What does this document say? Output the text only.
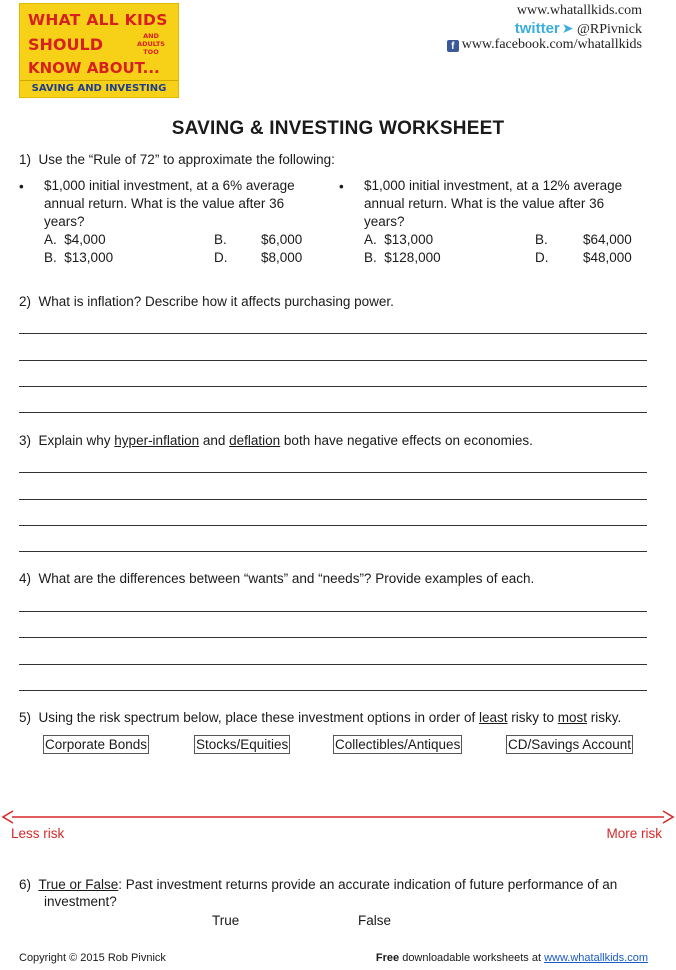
WHAT ALL KIDS
SHOULD	AND
ADULTS
TOO
KNOW ABOUT...
SAVING AND INVESTING
www.whatallkids.com
twitter ➤ @RPivnick
f www.facebook.com/whatallkids
SAVING & INVESTING WORKSHEET
1)  Use the “Rule of 72” to approximate the following:
• $1,000 initial investment, at a 6% average
annual return. What is the value after 36
years?
A. $4,000	B.	$6,000
B. $13,000	D. $8,000
• $1,000 initial investment, at a 12% average
annual return. What is the value after 36
years?
A. $13,000	B.	$64,000
B. $128,000	D.	$48,000
2)  What is inflation? Describe how it affects purchasing power.
3)  Explain why hyper-inflation and deflation both have negative effects on economies.
4)  What are the differences between “wants” and “needs”? Provide examples of each.
5)  Using the risk spectrum below, place these investment options in order of least risky to most risky.
Corporate Bonds	Stocks/Equities	Collectibles/Antiques	CD/Savings Account
Less risk	More risk
6)  True or False: Past investment returns provide an accurate indication of future performance of an
investment?
True	False
Copyright © 2015 Rob Pivnick	Free downloadable worksheets at www.whatallkids.com
